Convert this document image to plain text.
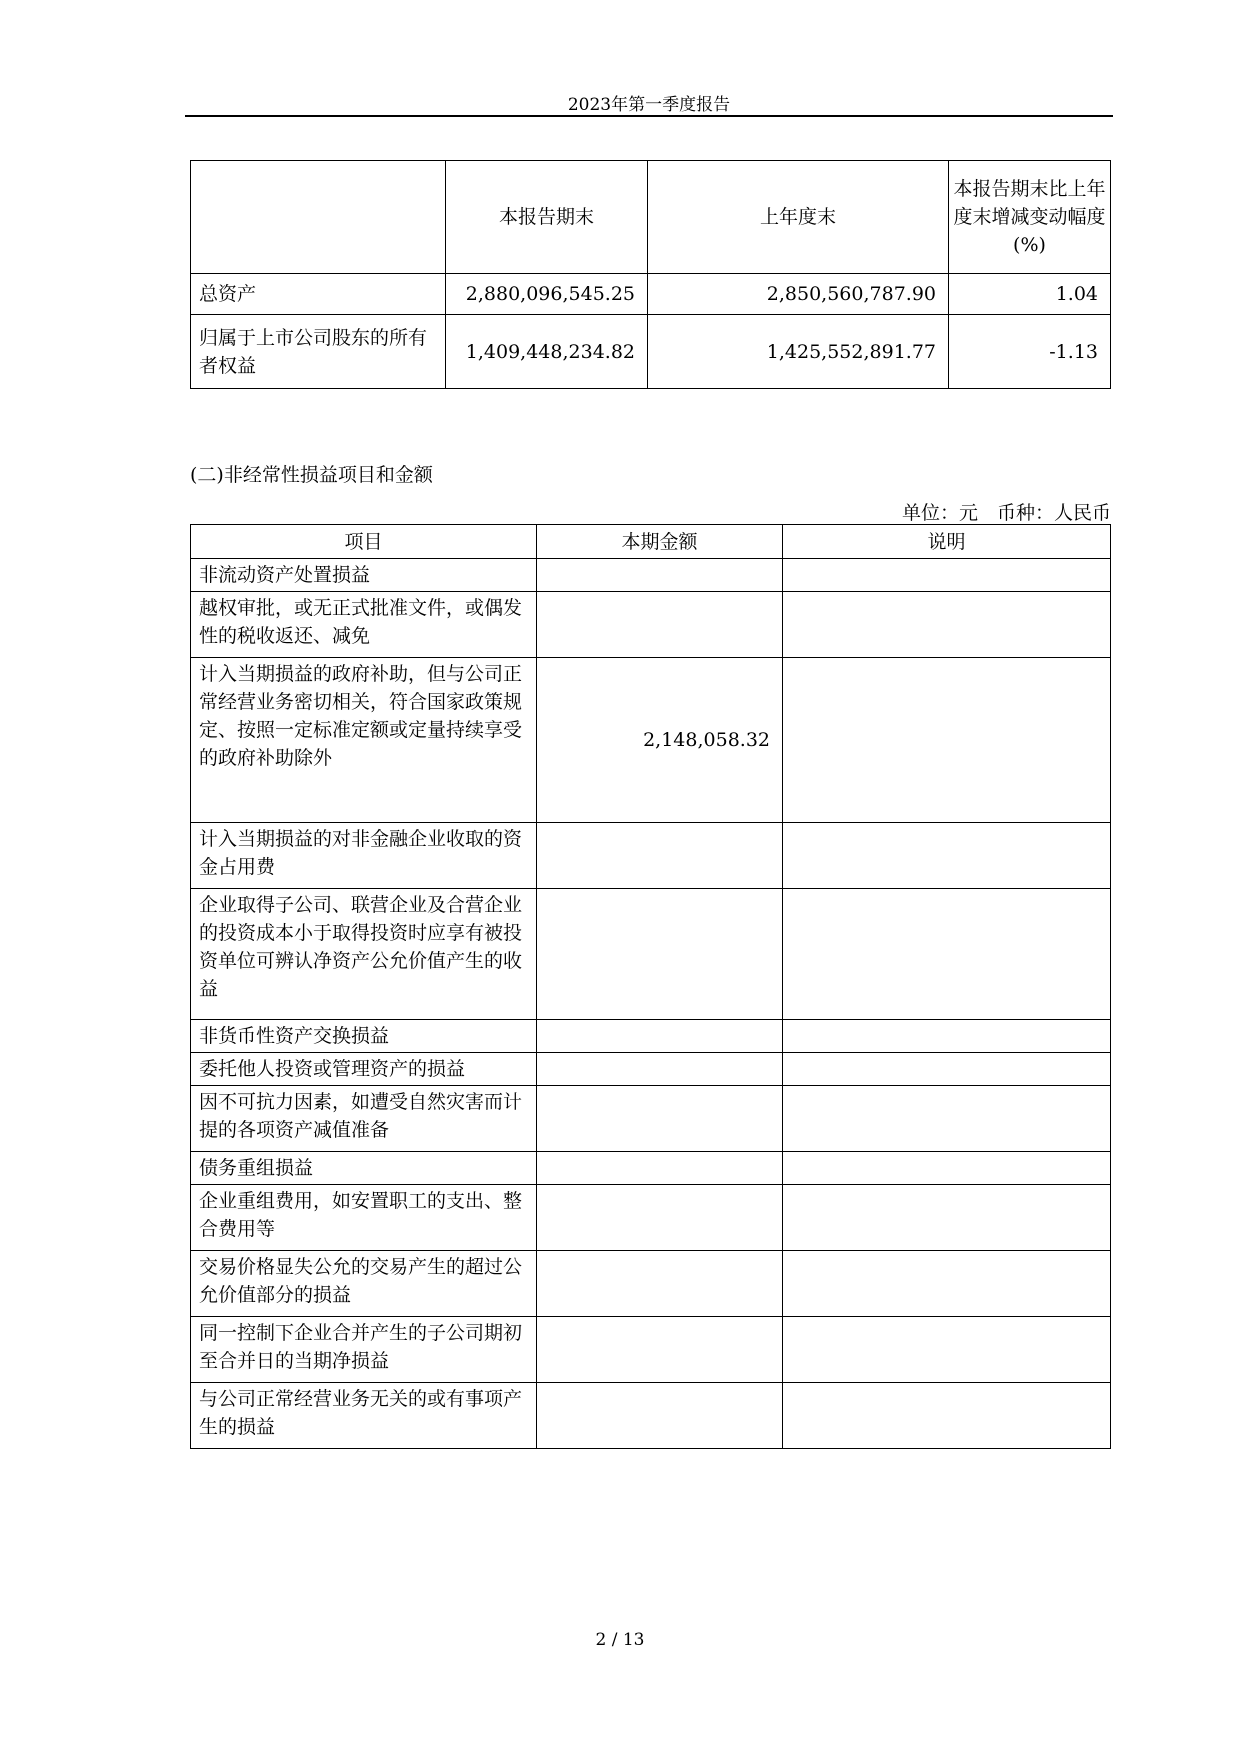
2023年第一季度报告
	本报告期末	上年度末	本报告期末比上年度末增减变动幅度(%)
总资产	2,880,096,545.25	2,850,560,787.90	1.04
归属于上市公司股东的所有者权益	1,409,448,234.82	1,425,552,891.77	-1.13
(二)非经常性损益项目和金额
单位：元　币种：人民币
项目	本期金额	说明
非流动资产处置损益		
越权审批，或无正式批准文件，或偶发性的税收返还、减免		
计入当期损益的政府补助，但与公司正常经营业务密切相关，符合国家政策规定、按照一定标准定额或定量持续享受的政府补助除外	2,148,058.32	
计入当期损益的对非金融企业收取的资金占用费		
企业取得子公司、联营企业及合营企业的投资成本小于取得投资时应享有被投资单位可辨认净资产公允价值产生的收益		
非货币性资产交换损益		
委托他人投资或管理资产的损益		
因不可抗力因素，如遭受自然灾害而计提的各项资产减值准备		
债务重组损益		
企业重组费用，如安置职工的支出、整合费用等		
交易价格显失公允的交易产生的超过公允价值部分的损益		
同一控制下企业合并产生的子公司期初至合并日的当期净损益		
与公司正常经营业务无关的或有事项产生的损益		
2 / 13
